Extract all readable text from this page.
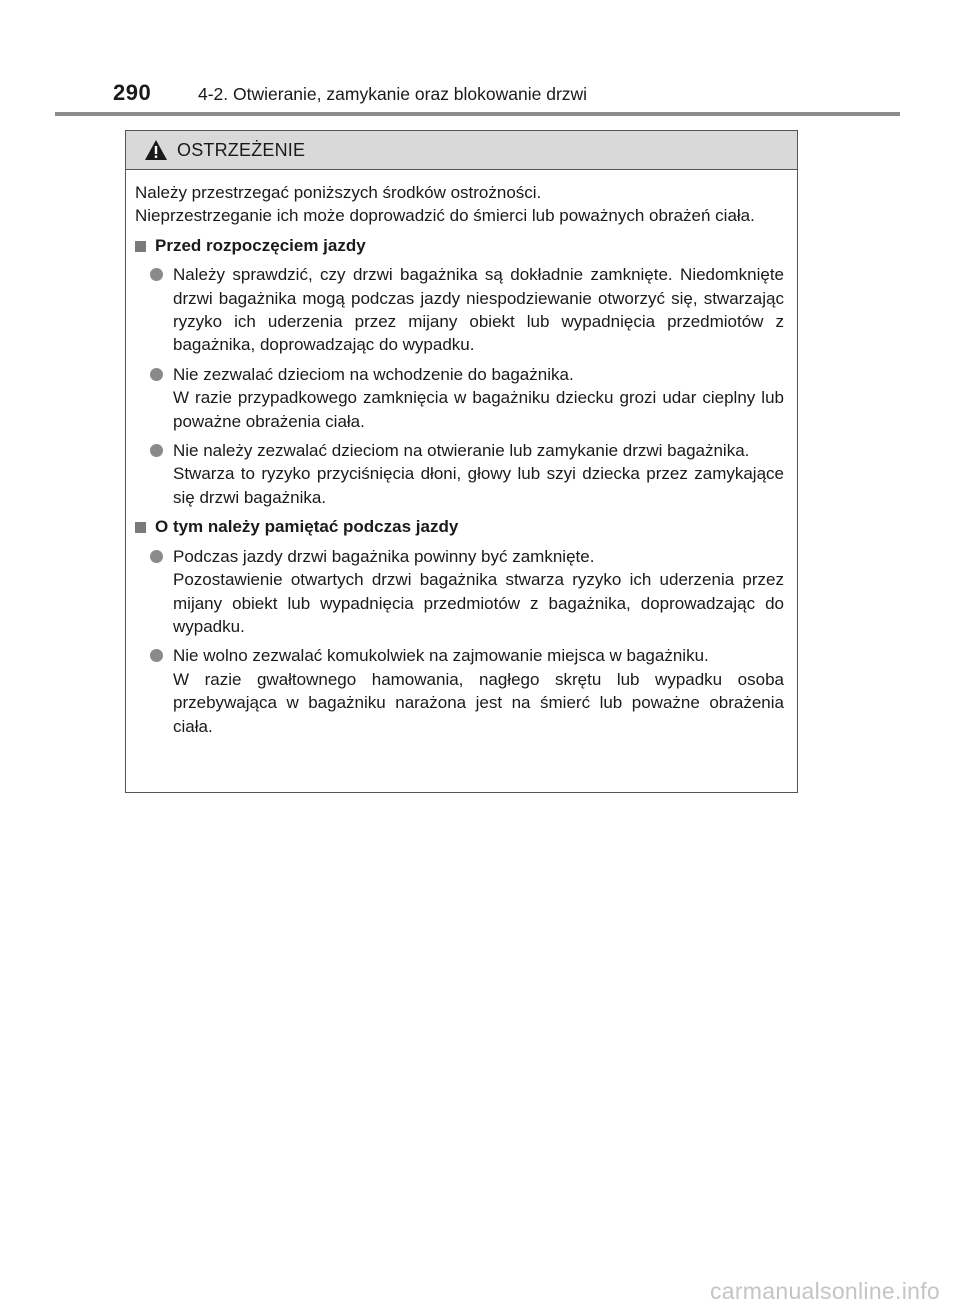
290	4-2. Otwieranie, zamykanie oraz blokowanie drzwi
OSTRZEŻENIE

Należy przestrzegać poniższych środków ostrożności.

Nieprzestrzeganie ich może doprowadzić do śmierci lub poważnych obrażeń ciała.

Przed rozpoczęciem jazdy

Należy sprawdzić, czy drzwi bagażnika są dokładnie zamknięte. Niedomknięte drzwi bagażnika mogą podczas jazdy niespodziewanie otworzyć się, stwarzając ryzyko ich uderzenia przez mijany obiekt lub wypadnięcia przedmiotów z bagażnika, doprowadzając do wypadku.

Nie zezwalać dzieciom na wchodzenie do bagażnika.

W razie przypadkowego zamknięcia w bagażniku dziecku grozi udar cieplny lub poważne obrażenia ciała.

Nie należy zezwalać dzieciom na otwieranie lub zamykanie drzwi bagażnika.

Stwarza to ryzyko przyciśnięcia dłoni, głowy lub szyi dziecka przez zamykające się drzwi bagażnika.

O tym należy pamiętać podczas jazdy

Podczas jazdy drzwi bagażnika powinny być zamknięte.

Pozostawienie otwartych drzwi bagażnika stwarza ryzyko ich uderzenia przez mijany obiekt lub wypadnięcia przedmiotów z bagażnika, doprowadzając do wypadku.

Nie wolno zezwalać komukolwiek na zajmowanie miejsca w bagażniku.

W razie gwałtownego hamowania, nagłego skrętu lub wypadku osoba przebywająca w bagażniku narażona jest na śmierć lub poważne obrażenia ciała.

carmanualsonline.info
